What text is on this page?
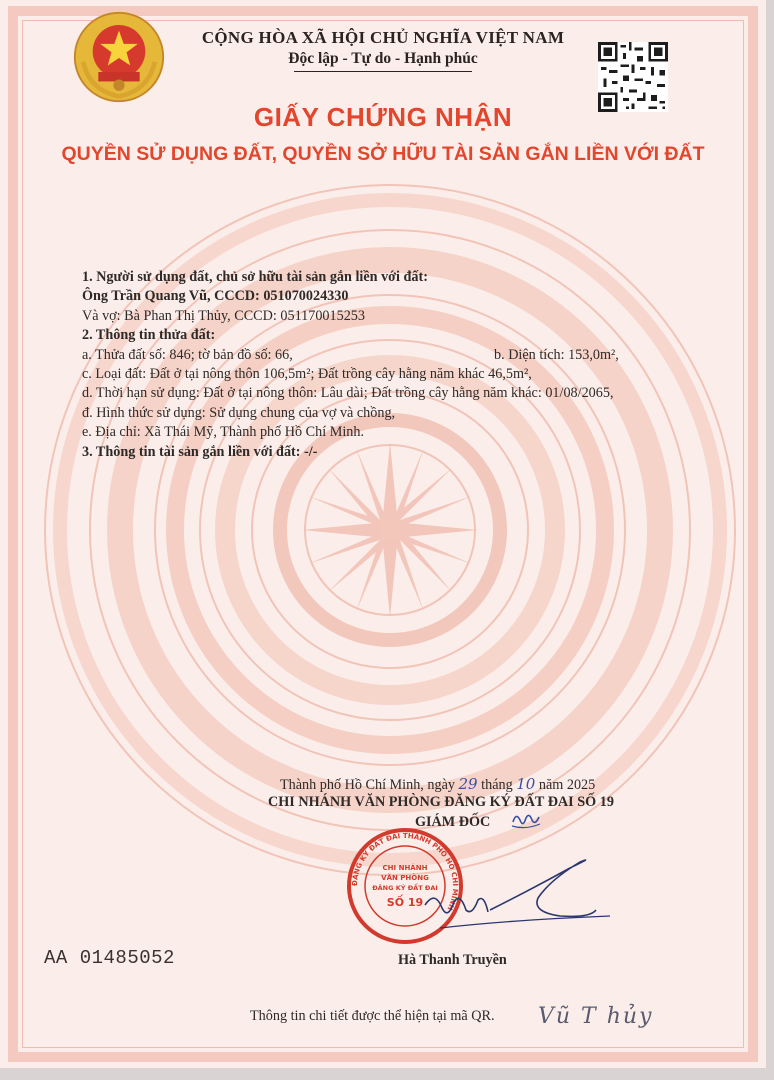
CỘNG HÒA XÃ HỘI CHỦ NGHĨA VIỆT NAM
Độc lập - Tự do - Hạnh phúc
GIẤY CHỨNG NHẬN
QUYỀN SỬ DỤNG ĐẤT, QUYỀN SỞ HỮU TÀI SẢN GẮN LIỀN VỚI ĐẤT
1. Người sử dụng đất, chủ sở hữu tài sản gắn liền với đất:
Ông Trần Quang Vũ, CCCD: 051070024330
Và vợ: Bà Phan Thị Thủy, CCCD: 051170015253
2. Thông tin thửa đất:
a. Thửa đất số: 846; tờ bản đồ số: 66,	b. Diện tích: 153,0m²,
c. Loại đất: Đất ở tại nông thôn 106,5m²; Đất trồng cây hằng năm khác 46,5m²,
d. Thời hạn sử dụng: Đất ở tại nông thôn: Lâu dài; Đất trồng cây hằng năm khác: 01/08/2065,
đ. Hình thức sử dụng: Sử dụng chung của vợ và chồng,
e. Địa chỉ: Xã Thái Mỹ, Thành phố Hồ Chí Minh.
3. Thông tin tài sản gắn liền với đất: -/-
Thành phố Hồ Chí Minh, ngày 29 tháng 10 năm 2025
CHI NHÁNH VĂN PHÒNG ĐĂNG KÝ ĐẤT ĐAI SỐ 19
GIÁM ĐỐC
ĐĂNG KÝ ĐẤT ĐAI THÀNH PHỐ HỒ CHÍ MINH
CHI NHÁNH
VĂN PHÒNG
ĐĂNG KÝ ĐẤT ĐAI
SỐ 19
Hà Thanh Truyền
AA 01485052
Thông tin chi tiết được thể hiện tại mã QR. Vũ T hủy
